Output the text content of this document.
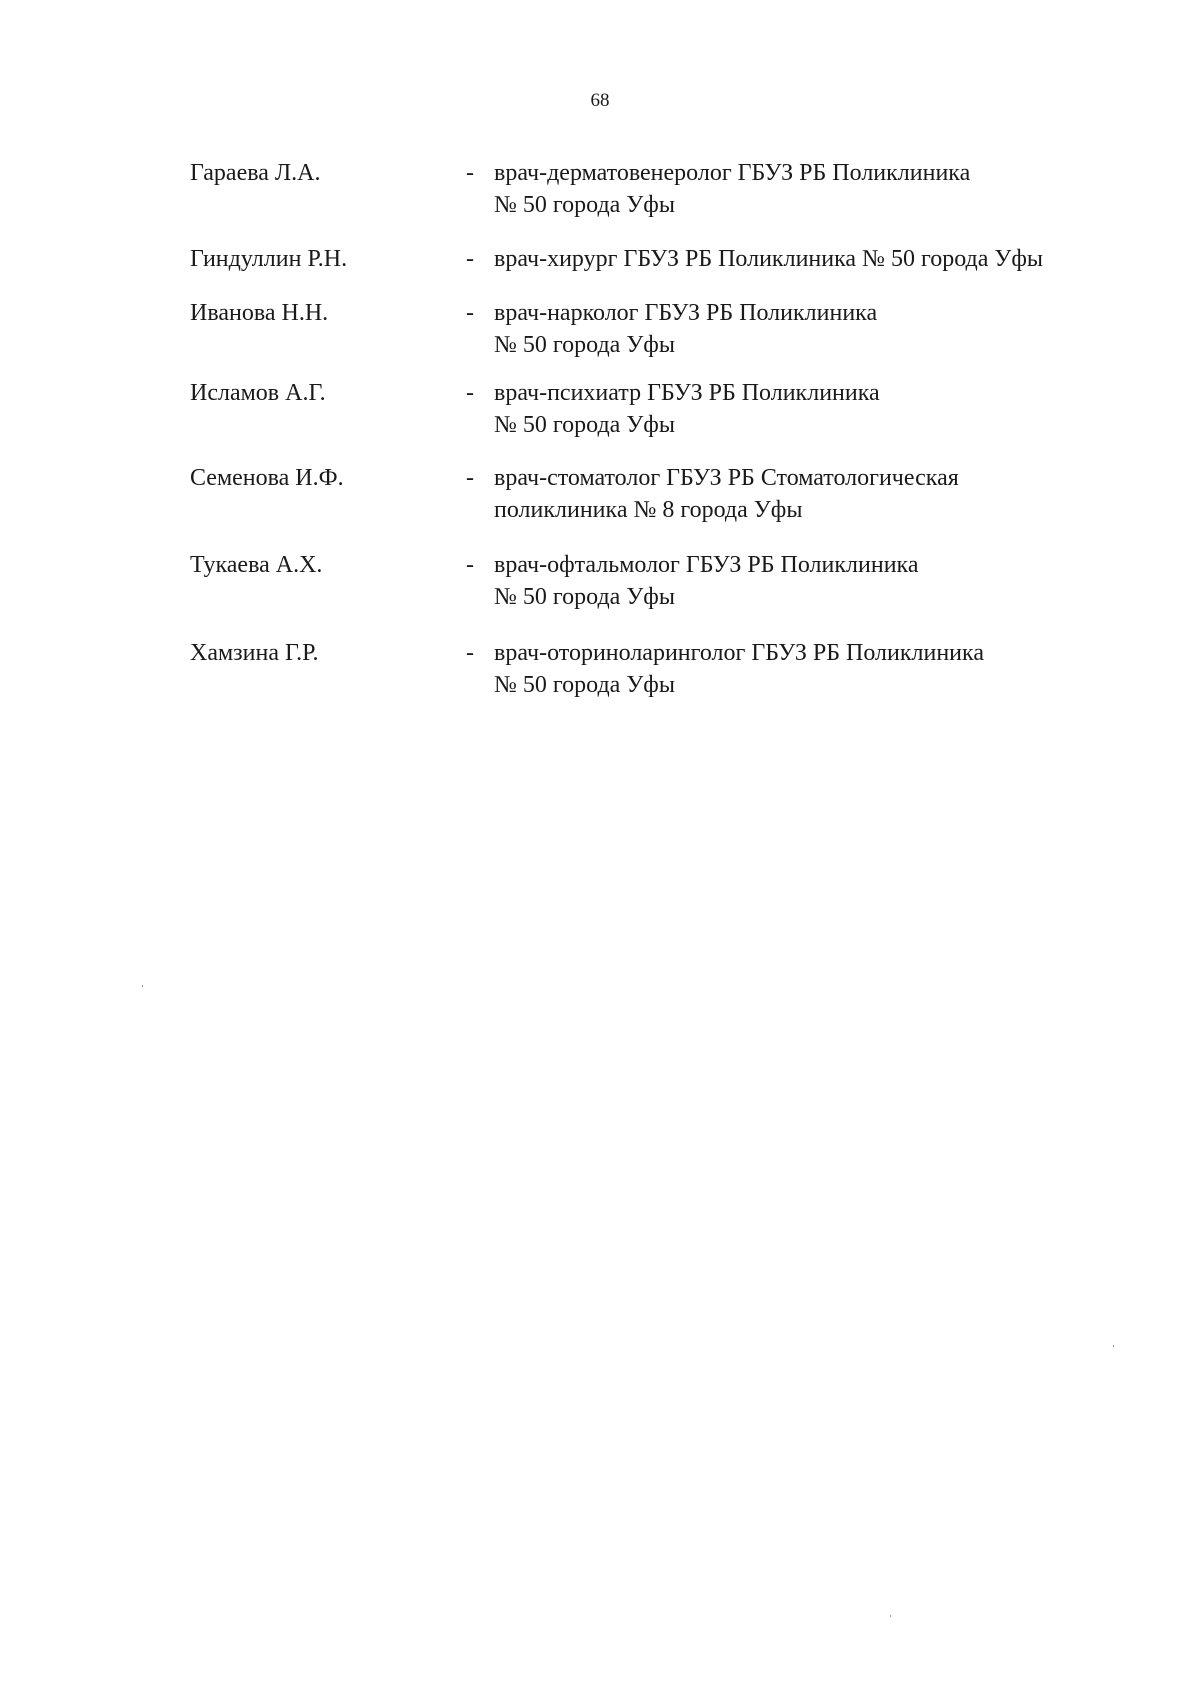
68
Гараева Л.А.	- врач-дерматовенеролог ГБУЗ РБ Поликлиника
№ 50 города Уфы
Гиндуллин Р.Н.	- врач-хирург ГБУЗ РБ Поликлиника № 50 города Уфы
Иванова Н.Н.	- врач-нарколог ГБУЗ РБ Поликлиника
№ 50 города Уфы
Исламов А.Г.	- врач-психиатр ГБУЗ РБ Поликлиника
№ 50 города Уфы
Семенова И.Ф.	- врач-стоматолог ГБУЗ РБ Стоматологическая
поликлиника № 8 города Уфы
Тукаева А.Х.	- врач-офтальмолог ГБУЗ РБ Поликлиника
№ 50 города Уфы
Хамзина Г.Р.	- врач-оториноларинголог ГБУЗ РБ Поликлиника
№ 50 города Уфы
